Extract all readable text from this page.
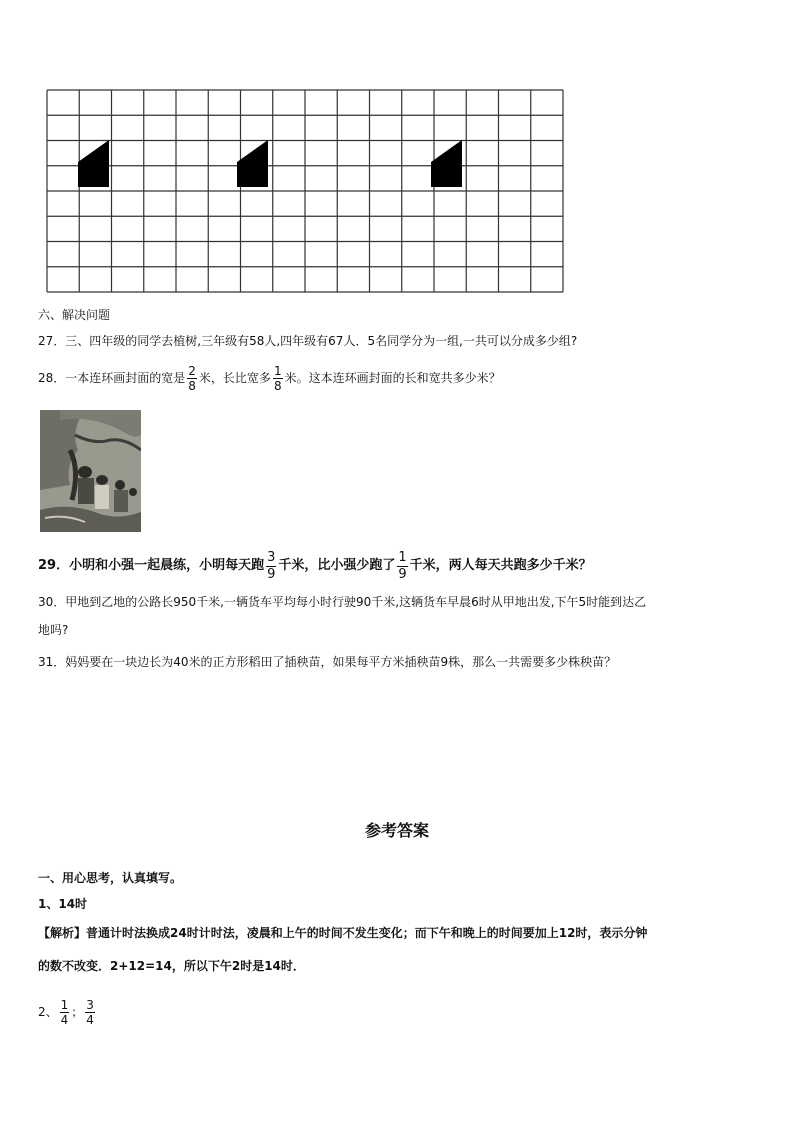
六、解决问题
27．三、四年级的同学去植树,三年级有58人,四年级有67人．5名同学分为一组,一共可以分成多少组?
28．一本连环画封面的宽是 $\frac{2}{8}$ 米，长比宽多 $\frac{1}{8}$ 米。这本连环画封面的长和宽共多少米？
29．小明和小强一起晨练，小明每天跑 $\frac{3}{9}$ 千米，比小强少跑了 $\frac{1}{9}$ 千米，两人每天共跑多少千米？
30．甲地到乙地的公路长950千米,一辆货车平均每小时行驶90千米,这辆货车早晨6时从甲地出发,下午5时能到达乙
地吗?
31．妈妈要在一块边长为40米的正方形稻田了插秧苗，如果每平方米插秧苗9株，那么一共需要多少株秧苗？
参考答案
一、用心思考，认真填写。
1、14时
【解析】普通计时法换成24时计时法，凌晨和上午的时间不发生变化；而下午和晚上的时间要加上12时，表示分钟
的数不改变．2+12=14，所以下午2时是14时．
2、 $\frac{1}{4}$ ； $\frac{3}{4}$
